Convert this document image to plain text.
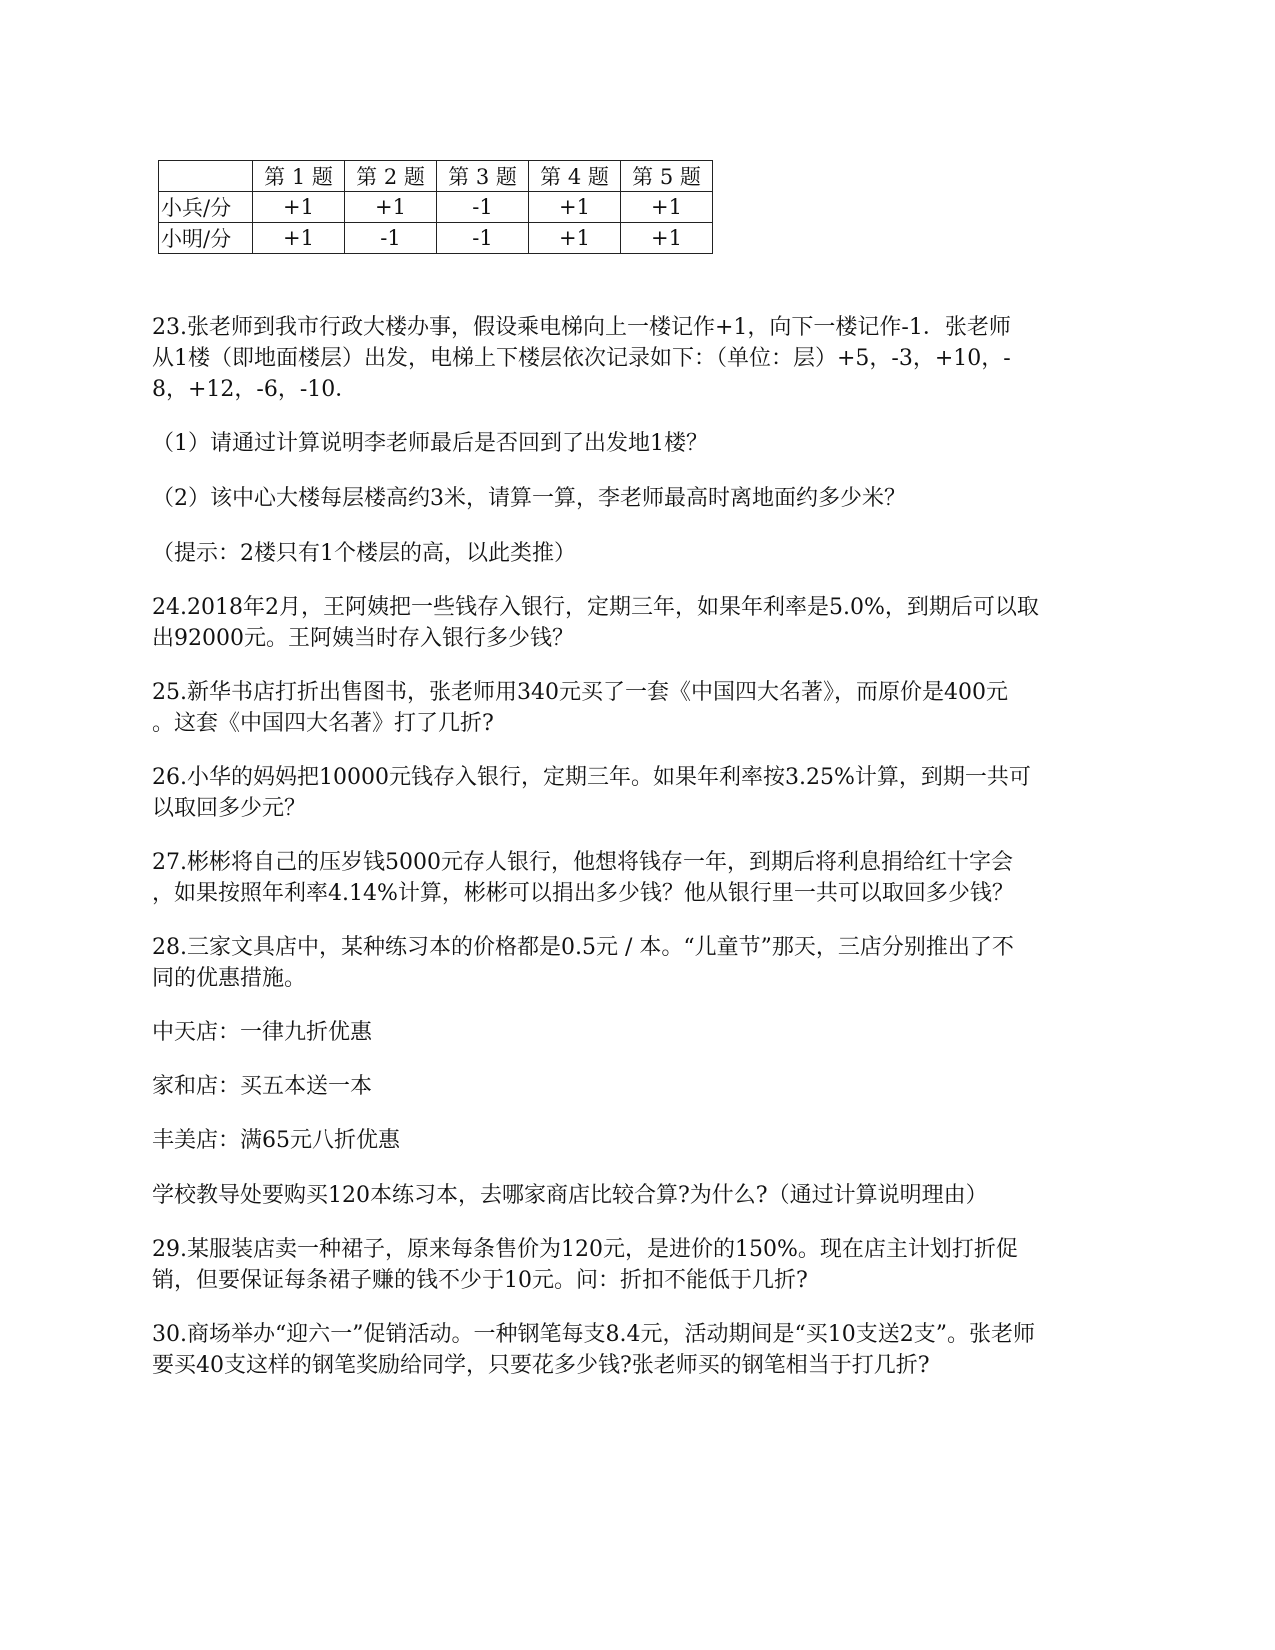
	第 1 题	第 2 题	第 3 题	第 4 题	第 5 题
小兵/分	+1	+1	-1	+1	+1
小明/分	+1	-1	-1	+1	+1
23.张老师到我市行政大楼办事，假设乘电梯向上一楼记作+1，向下一楼记作-1．张老师
从1楼（即地面楼层）出发，电梯上下楼层依次记录如下：（单位：层）+5，-3，+10，-
8，+12，-6，-10．
（1）请通过计算说明李老师最后是否回到了出发地1楼？
（2）该中心大楼每层楼高约3米，请算一算，李老师最高时离地面约多少米？
（提示：2楼只有1个楼层的高，以此类推）
24.2018年2月，王阿姨把一些钱存入银行，定期三年，如果年利率是5.0%，到期后可以取
出92000元。王阿姨当时存入银行多少钱？
25.新华书店打折出售图书，张老师用340元买了一套《中国四大名著》，而原价是400元
。这套《中国四大名著》打了几折?
26.小华的妈妈把10000元钱存入银行，定期三年。如果年利率按3.25%计算，到期一共可
以取回多少元？
27.彬彬将自己的压岁钱5000元存人银行，他想将钱存一年，到期后将利息捐给红十字会
，如果按照年利率4.14%计算，彬彬可以捐出多少钱？他从银行里一共可以取回多少钱？
28.三家文具店中，某种练习本的价格都是0.5元 / 本。“儿童节”那天，三店分别推出了不
同的优惠措施。
中天店：一律九折优惠
家和店：买五本送一本
丰美店：满65元八折优惠
学校教导处要购买120本练习本，去哪家商店比较合算?为什么?（通过计算说明理由）
29.某服装店卖一种裙子，原来每条售价为120元，是进价的150%。现在店主计划打折促
销，但要保证每条裙子赚的钱不少于10元。问：折扣不能低于几折?
30.商场举办“迎六一”促销活动。一种钢笔每支8.4元，活动期间是“买10支送2支”。张老师
要买40支这样的钢笔奖励给同学，只要花多少钱?张老师买的钢笔相当于打几折?
